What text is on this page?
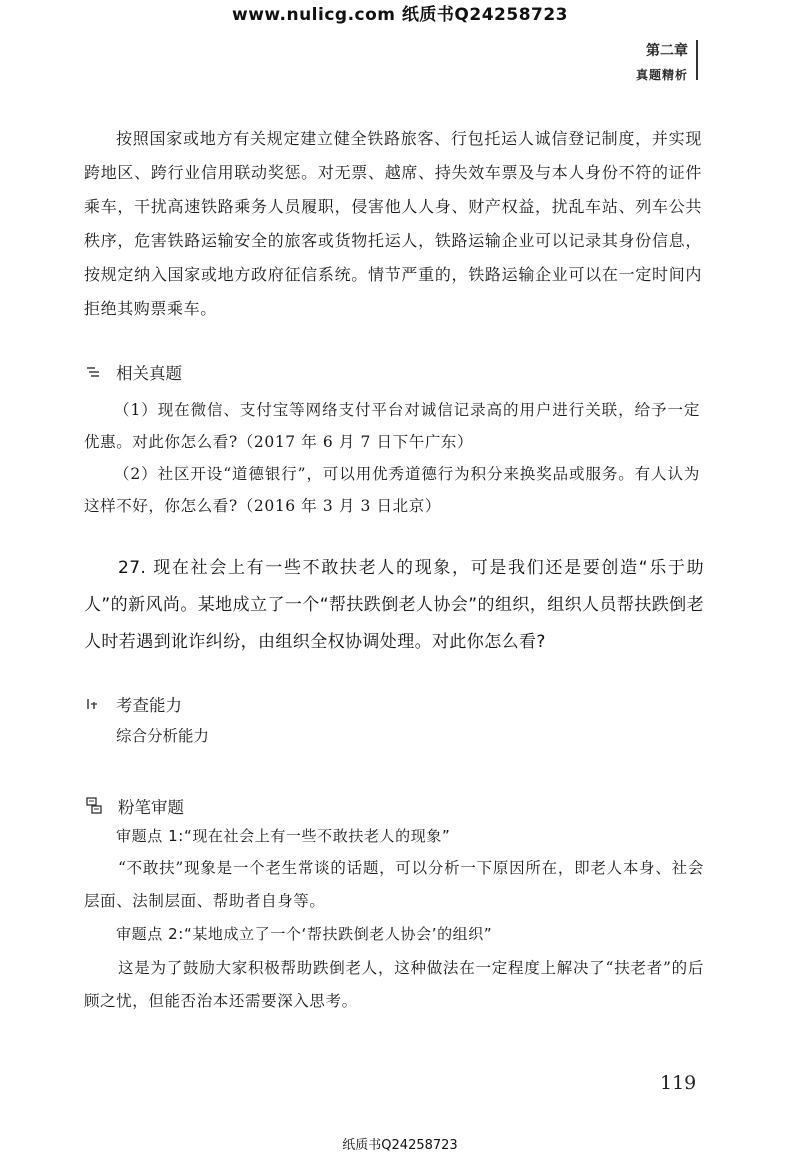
www.nulicg.com 纸质书Q24258723
第二章
真题精析
按照国家或地方有关规定建立健全铁路旅客、行包托运人诚信登记制度，并实现跨地区、跨行业信用联动奖惩。对无票、越席、持失效车票及与本人身份不符的证件乘车，干扰高速铁路乘务人员履职，侵害他人人身、财产权益，扰乱车站、列车公共秩序，危害铁路运输安全的旅客或货物托运人，铁路运输企业可以记录其身份信息，按规定纳入国家或地方政府征信系统。情节严重的，铁路运输企业可以在一定时间内拒绝其购票乘车。
相关真题
（1）现在微信、支付宝等网络支付平台对诚信记录高的用户进行关联，给予一定优惠。对此你怎么看?（2017 年 6 月 7 日下午广东）
（2）社区开设“道德银行”，可以用优秀道德行为积分来换奖品或服务。有人认为这样不好，你怎么看?（2016 年 3 月 3 日北京）
27. 现在社会上有一些不敢扶老人的现象，可是我们还是要创造“乐于助人”的新风尚。某地成立了一个“帮扶跌倒老人协会”的组织，组织人员帮扶跌倒老人时若遇到讹诈纠纷，由组织全权协调处理。对此你怎么看?
考查能力
综合分析能力
粉笔审题
审题点 1:“现在社会上有一些不敢扶老人的现象”
“不敢扶”现象是一个老生常谈的话题，可以分析一下原因所在，即老人本身、社会层面、法制层面、帮助者自身等。
审题点 2:“某地成立了一个‘帮扶跌倒老人协会’的组织”
这是为了鼓励大家积极帮助跌倒老人，这种做法在一定程度上解决了“扶老者”的后顾之忧，但能否治本还需要深入思考。
119
纸质书Q24258723
